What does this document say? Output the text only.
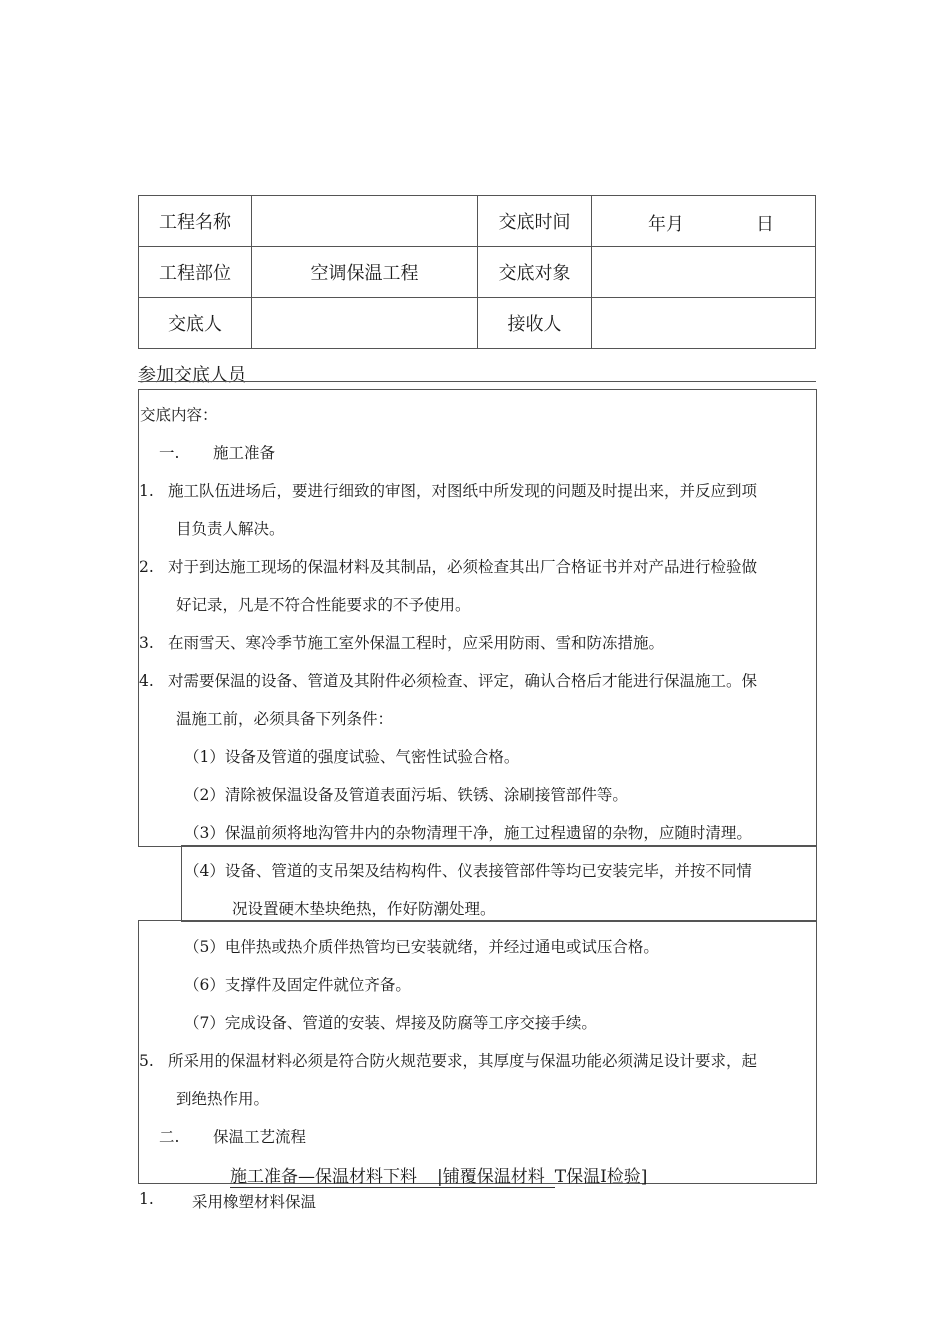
工程名称		交底时间	年月 日

工程部位	空调保温工程	交底对象	
交底人		接收人	
参加交底人员
交底内容：
一. 施工准备
1. 施工队伍进场后，要进行细致的审图，对图纸中所发现的问题及时提出来，并反应到项
目负责人解决。
2. 对于到达施工现场的保温材料及其制品，必须检查其出厂合格证书并对产品进行检验做
好记录，凡是不符合性能要求的不予使用。
3. 在雨雪天、寒冷季节施工室外保温工程时，应采用防雨、雪和防冻措施。
4. 对需要保温的设备、管道及其附件必须检查、评定，确认合格后才能进行保温施工。保
温施工前，必须具备下列条件：
（1）设备及管道的强度试验、气密性试验合格。
（2）清除被保温设备及管道表面污垢、铁锈、涂刷接管部件等。
（3）保温前须将地沟管井内的杂物清理干净，施工过程遗留的杂物，应随时清理。
（4）设备、管道的支吊架及结构构件、仪表接管部件等均已安装完毕，并按不同情
况设置硬木垫块绝热，作好防潮处理。
（5）电伴热或热介质伴热管均已安装就绪，并经过通电或试压合格。
（6）支撑件及固定件就位齐备。
（7）完成设备、管道的安装、焊接及防腐等工序交接手续。
5. 所采用的保温材料必须是符合防火规范要求，其厚度与保温功能必须满足设计要求，起
到绝热作用。
二. 保温工艺流程
施工准备—保温材料下料 |铺覆保温材料 T保温I检验]
1. 采用橡塑材料保温
